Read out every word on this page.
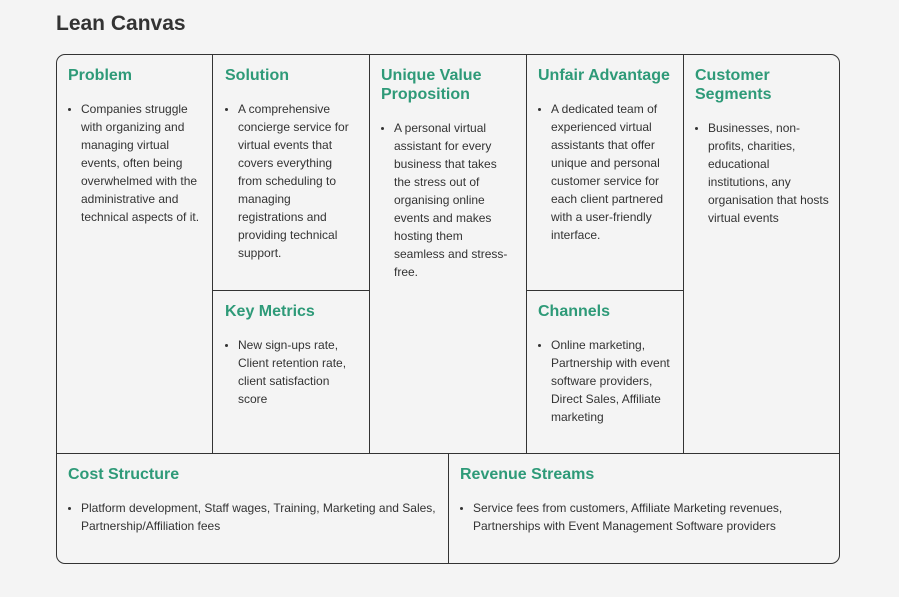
Lean Canvas
Problem
• Companies struggle with organizing and managing virtual events, often being overwhelmed with the administrative and technical aspects of it.
Solution
• A comprehensive concierge service for virtual events that covers everything from scheduling to managing registrations and providing technical support.
Key Metrics
• New sign-ups rate, Client retention rate, client satisfaction score
Unique Value Proposition
• A personal virtual assistant for every business that takes the stress out of organising online events and makes hosting them seamless and stress-free.
Unfair Advantage
• A dedicated team of experienced virtual assistants that offer unique and personal customer service for each client partnered with a user-friendly interface.
Channels
• Online marketing, Partnership with event software providers, Direct Sales, Affiliate marketing
Customer Segments
• Businesses, non-profits, charities, educational institutions, any organisation that hosts virtual events
Cost Structure
• Platform development, Staff wages, Training, Marketing and Sales, Partnership/Affiliation fees
Revenue Streams
• Service fees from customers, Affiliate Marketing revenues, Partnerships with Event Management Software providers
